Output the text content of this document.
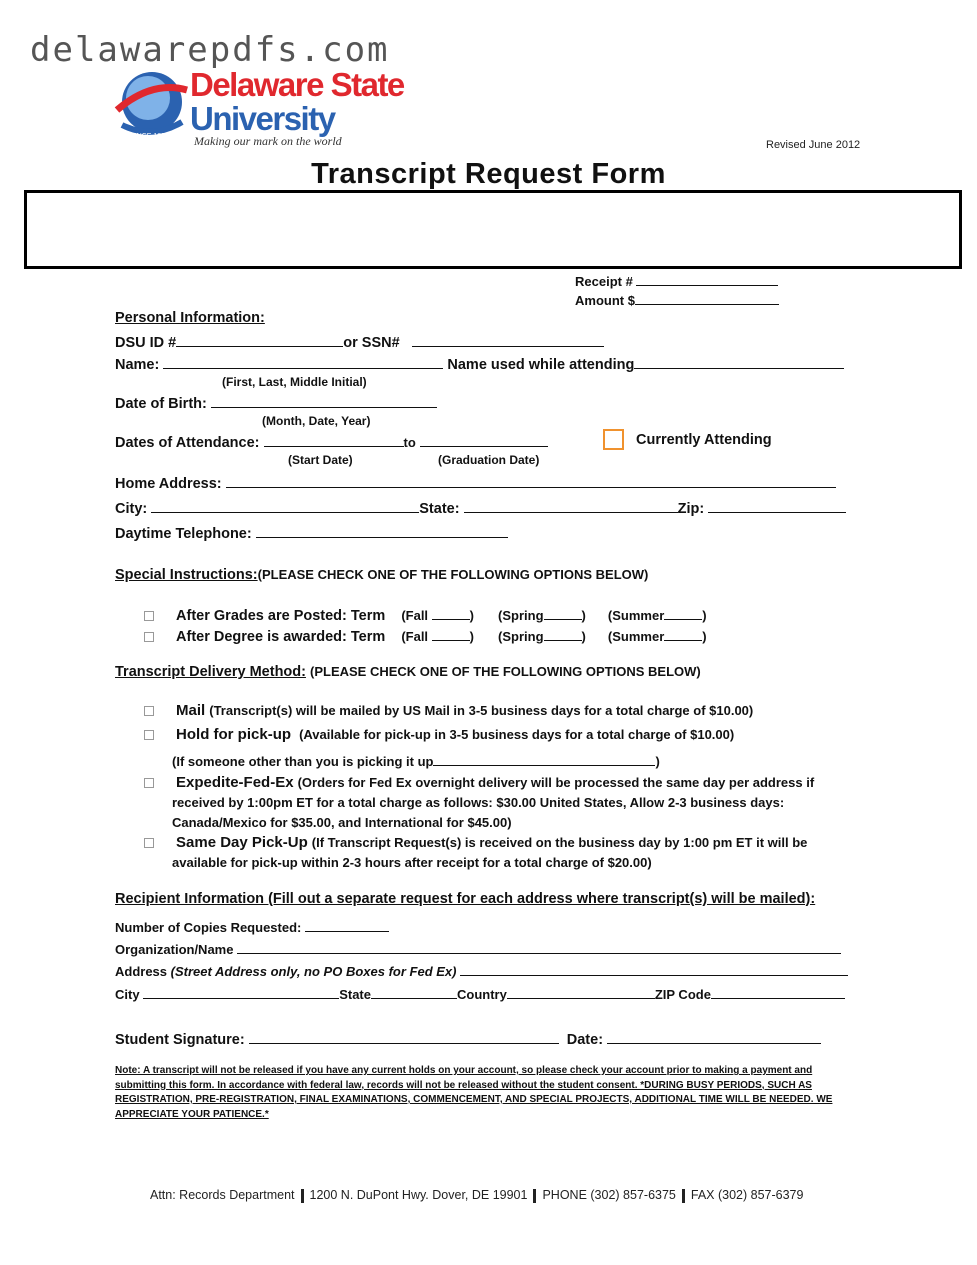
delawarepdfs.com
SINCE 1891
Delaware State
University
Making our mark on the world	Revised June 2012
Transcript Request Form
Receipt #
Amount $
Personal Information:
DSU ID #	or SSN#
Name:	Name used while attending
(First, Last, Middle Initial)
Date of Birth:
(Month, Date, Year)
Dates of Attendance:	to
(Start Date)	(Graduation Date)
Currently Attending
Home Address:
City:	State:	Zip:
Daytime Telephone:
Special Instructions:(PLEASE CHECK ONE OF THE FOLLOWING OPTIONS BELOW)
After Grades are Posted: Term (Fall	) (Spring	) (Summer	)
After Degree is awarded: Term (Fall	) (Spring	) (Summer	)
Transcript Delivery Method: (PLEASE CHECK ONE OF THE FOLLOWING OPTIONS BELOW)
Mail (Transcript(s) will be mailed by US Mail in 3-5 business days for a total charge of $10.00)
Hold for pick-up (Available for pick-up in 3-5 business days for a total charge of $10.00)
(If someone other than you is picking it up	)
Expedite-Fed-Ex (Orders for Fed Ex overnight delivery will be processed the same day per address if
received by 1:00pm ET for a total charge as follows: $30.00 United States, Allow 2-3 business days:
Canada/Mexico for $35.00, and International for $45.00)
Same Day Pick-Up (If Transcript Request(s) is received on the business day by 1:00 pm ET it will be
available for pick-up within 2-3 hours after receipt for a total charge of $20.00)
Recipient Information (Fill out a separate request for each address where transcript(s) will be mailed):
Number of Copies Requested:
Organization/Name
Address (Street Address only, no PO Boxes for Fed Ex)
City	State	Country	ZIP Code
Student Signature:	Date:
Note: A transcript will not be released if you have any current holds on your account, so please check your account prior to making a payment and submitting this form. In accordance with federal law, records will not be released without the student consent. *DURING BUSY PERIODS, SUCH AS REGISTRATION, PRE-REGISTRATION, FINAL EXAMINATIONS, COMMENCEMENT, AND SPECIAL PROJECTS, ADDITIONAL TIME WILL BE NEEDED. WE APPRECIATE YOUR PATIENCE.*
Attn: Records Department 1200 N. DuPont Hwy. Dover, DE 19901 PHONE (302) 857-6375 FAX (302) 857-6379
